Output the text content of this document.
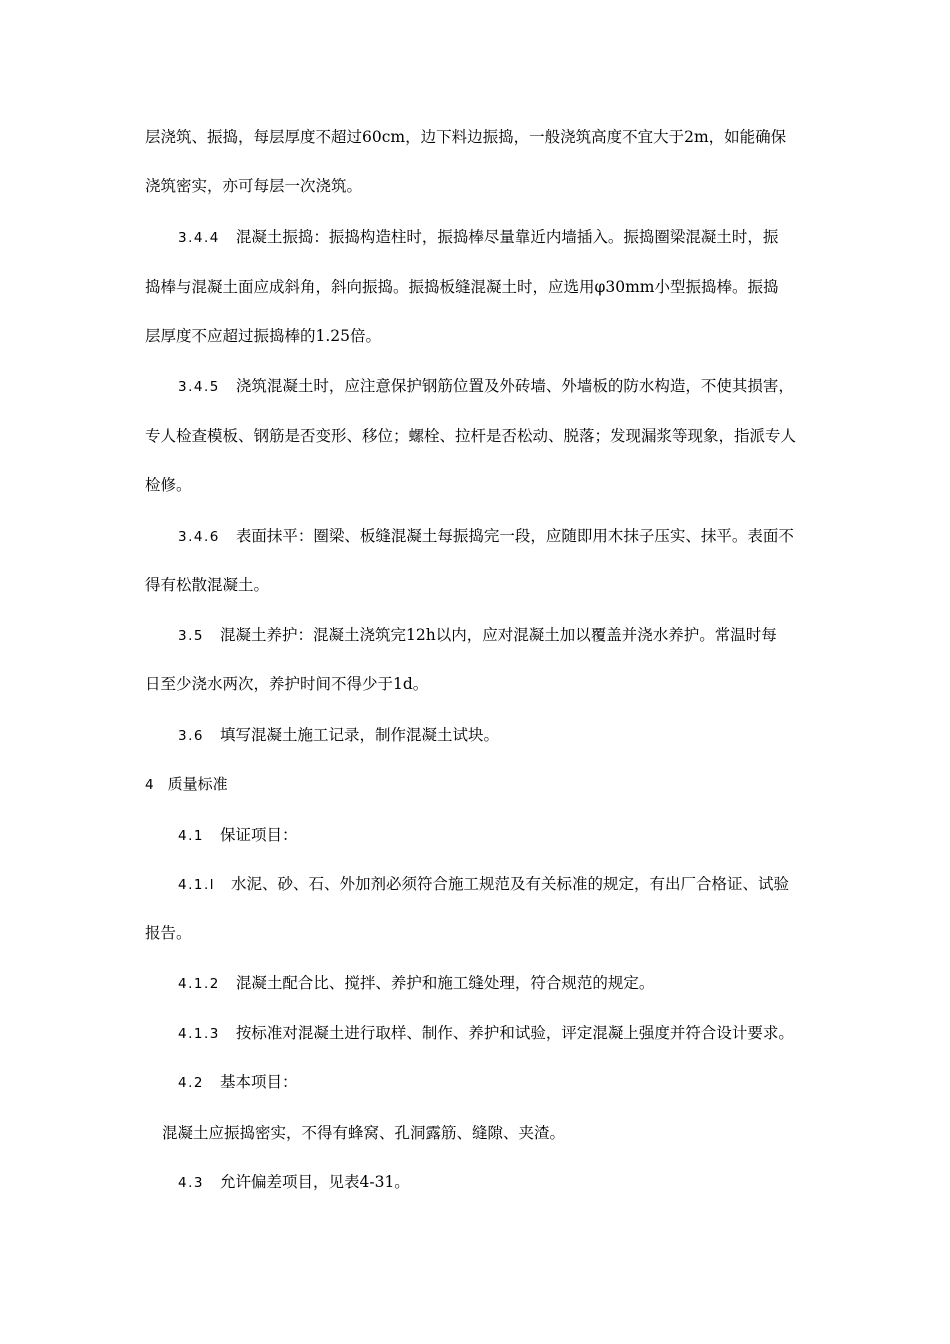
层浇筑、振捣，每层厚度不超过60cm，边下料边振捣，一般浇筑高度不宜大于2m，如能确保
浇筑密实，亦可每层一次浇筑。
3.4.4 混凝土振捣：振捣构造柱时，振捣棒尽量靠近内墙插入。振捣圈梁混凝土时，振
捣棒与混凝土面应成斜角，斜向振捣。振捣板缝混凝土时，应选用φ30mm小型振捣棒。振捣
层厚度不应超过振捣棒的1.25倍。
3.4.5 浇筑混凝土时，应注意保护钢筋位置及外砖墙、外墙板的防水构造，不使其损害，
专人检查模板、钢筋是否变形、移位；螺栓、拉杆是否松动、脱落；发现漏浆等现象，指派专人
检修。
3.4.6 表面抹平：圈梁、板缝混凝土每振捣完一段，应随即用木抹子压实、抹平。表面不
得有松散混凝土。
3.5 混凝土养护：混凝土浇筑完12h以内，应对混凝土加以覆盖并浇水养护。常温时每
日至少浇水两次，养护时间不得少于1d。
3.6 填写混凝土施工记录，制作混凝土试块。
4 质量标准
4.1 保证项目：
4.1.l 水泥、砂、石、外加剂必须符合施工规范及有关标准的规定，有出厂合格证、试验
报告。
4.1.2 混凝土配合比、搅拌、养护和施工缝处理，符合规范的规定。
4.1.3 按标准对混凝土进行取样、制作、养护和试验，评定混凝上强度并符合设计要求。
4.2 基本项目：
混凝土应振捣密实，不得有蜂窝、孔洞露筋、缝隙、夹渣。
4.3 允许偏差项目，见表4-31。
